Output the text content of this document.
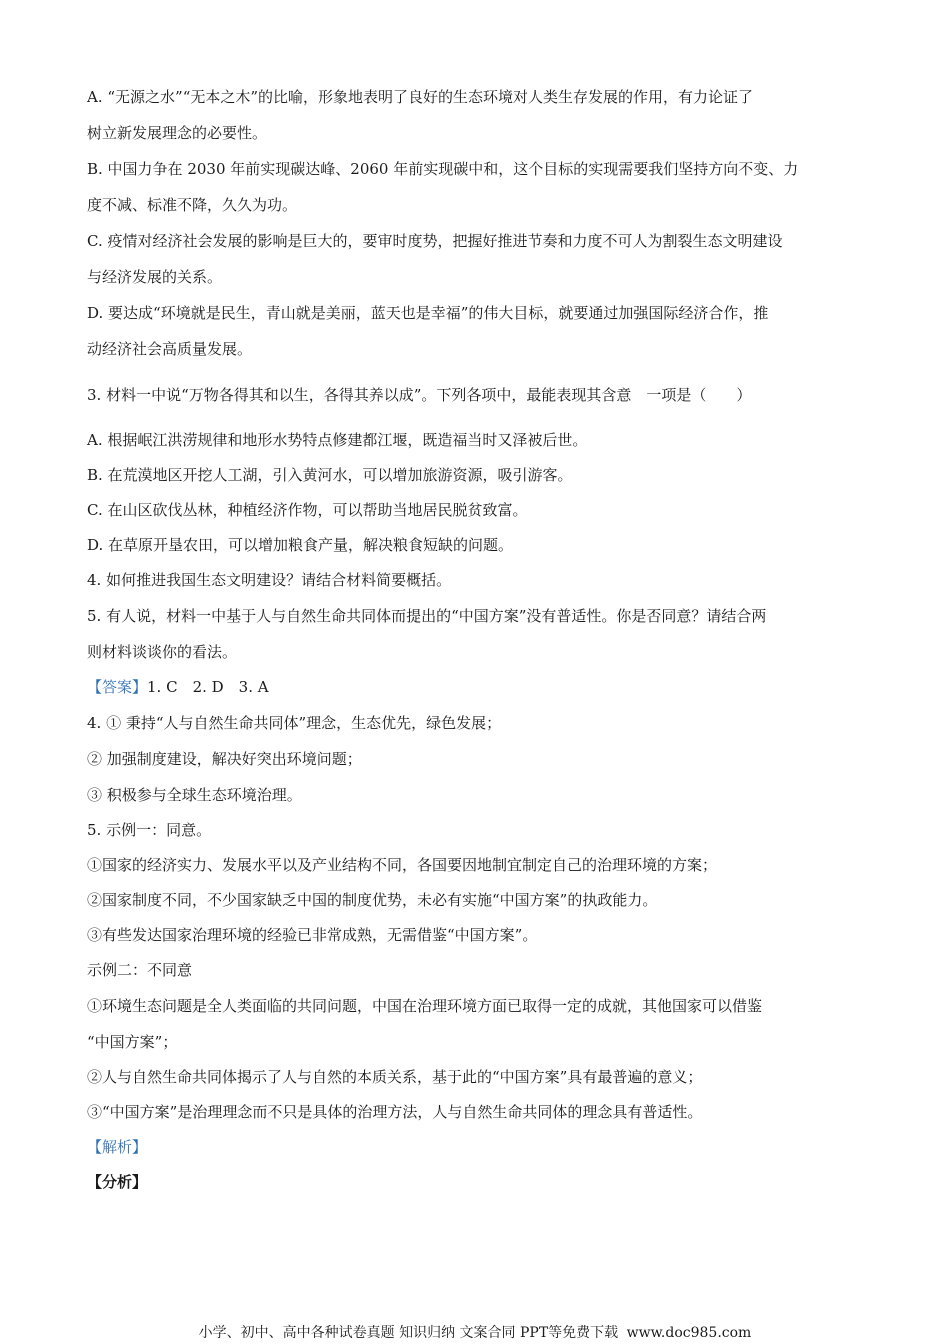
A. “无源之水”“无本之木”的比喻，形象地表明了良好的生态环境对人类生存发展的作用，有力论证了

树立新发展理念的必要性。

B. 中国力争在 2030 年前实现碳达峰、2060 年前实现碳中和，这个目标的实现需要我们坚持方向不变、力

度不减、标准不降，久久为功。

C. 疫情对经济社会发展的影响是巨大的，要审时度势，把握好推进节奏和力度不可人为割裂生态文明建设

与经济发展的关系。

D. 要达成“环境就是民生，青山就是美丽，蓝天也是幸福”的伟大目标，就要通过加强国际经济合作，推

动经济社会高质量发展。

3. 材料一中说“万物各得其和以生，各得其养以成”。下列各项中，最能表现其含意　一项是（　　）

A. 根据岷江洪涝规律和地形水势特点修建都江堰，既造福当时又泽被后世。

B. 在荒漠地区开挖人工湖，引入黄河水，可以增加旅游资源，吸引游客。

C. 在山区砍伐丛林，种植经济作物，可以帮助当地居民脱贫致富。

D. 在草原开垦农田，可以增加粮食产量，解决粮食短缺的问题。

4. 如何推进我国生态文明建设？请结合材料简要概括。

5. 有人说，材料一中基于人与自然生命共同体而提出的“中国方案”没有普适性。你是否同意？请结合两

则材料谈谈你的看法。

【答案】1. C　2. D　3. A

4. ① 秉持“人与自然生命共同体”理念，生态优先，绿色发展；

② 加强制度建设，解决好突出环境问题；

③ 积极参与全球生态环境治理。

5. 示例一：同意。

①国家的经济实力、发展水平以及产业结构不同，各国要因地制宜制定自己的治理环境的方案；

②国家制度不同，不少国家缺乏中国的制度优势，未必有实施“中国方案”的执政能力。

③有些发达国家治理环境的经验已非常成熟，无需借鉴“中国方案”。

示例二：不同意

①环境生态问题是全人类面临的共同问题，中国在治理环境方面已取得一定的成就，其他国家可以借鉴

“中国方案”；

②人与自然生命共同体揭示了人与自然的本质关系，基于此的“中国方案”具有最普遍的意义；

③“中国方案”是治理理念而不只是具体的治理方法，人与自然生命共同体的理念具有普适性。

【解析】

【分析】

小学、初中、高中各种试卷真题 知识归纳 文案合同 PPT等免费下载 www.doc985.com
